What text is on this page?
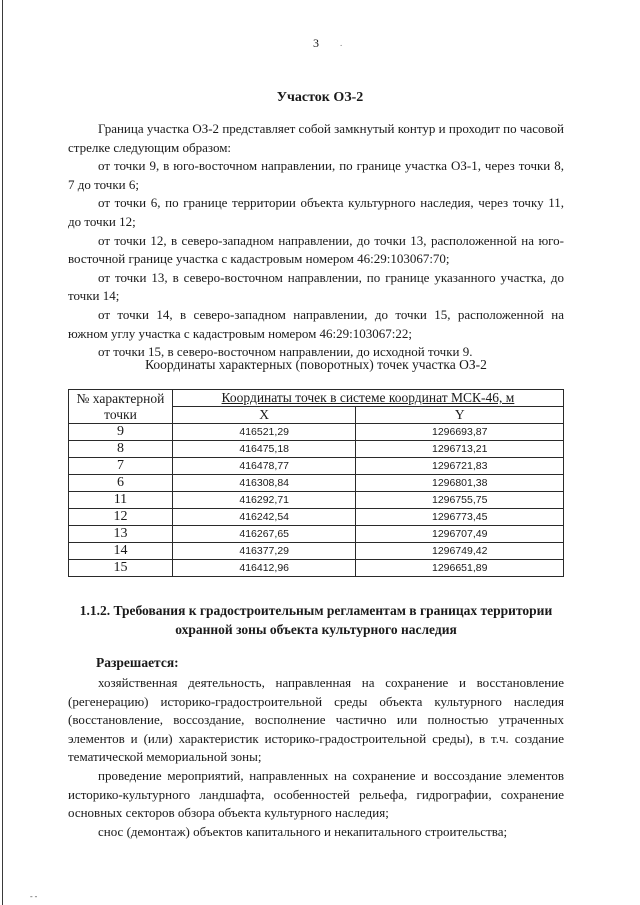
3 .
Участок ОЗ-2

Граница участка ОЗ-2 представляет собой замкнутый контур и проходит по часовой стрелке следующим образом:

от точки 9, в юго-восточном направлении, по границе участка ОЗ-1, через точки 8, 7 до точки 6;

от точки 6, по границе территории объекта культурного наследия, через точку 11, до точки 12;

от точки 12, в северо-западном направлении, до точки 13, расположенной на юго- восточной границе участка с кадастровым номером 46:29:103067:70;

от точки 13, в северо-восточном направлении, по границе указанного участка, до точки 14;

от точки 14, в северо-западном направлении, до точки 15, расположенной на южном углу участка с кадастровым номером 46:29:103067:22;

от точки 15, в северо-восточном направлении, до исходной точки 9.

Координаты характерных (поворотных) точек участка ОЗ-2
№ характерной точки	Координаты точек в системе координат МСК-46, м	
	X	Y
9	416521,29	1296693,87
8	416475,18	1296713,21
7	416478,77	1296721,83
6	416308,84	1296801,38
11	416292,71	1296755,75
12	416242,54	1296773,45
13	416267,65	1296707,49
14	416377,29	1296749,42
15	416412,96	1296651,89
1.1.2. Требования к градостроительным регламентам в границах территории охранной зоны объекта культурного наследия
Разрешается:

хозяйственная деятельность, направленная на сохранение и восстановление (регенерацию) историко-градостроительной среды объекта культурного наследия (восстановление, воссоздание, восполнение частично или полностью утраченных элементов и (или) характеристик историко-градостроительной среды), в т.ч. создание тематической мемориальной зоны;

проведение мероприятий, направленных на сохранение и воссоздание элементов историко-культурного ландшафта, особенностей рельефа, гидрографии, сохранение основных секторов обзора объекта культурного наследия;

снос (демонтаж) объектов капитального и некапитального строительства;

‑ ‑
